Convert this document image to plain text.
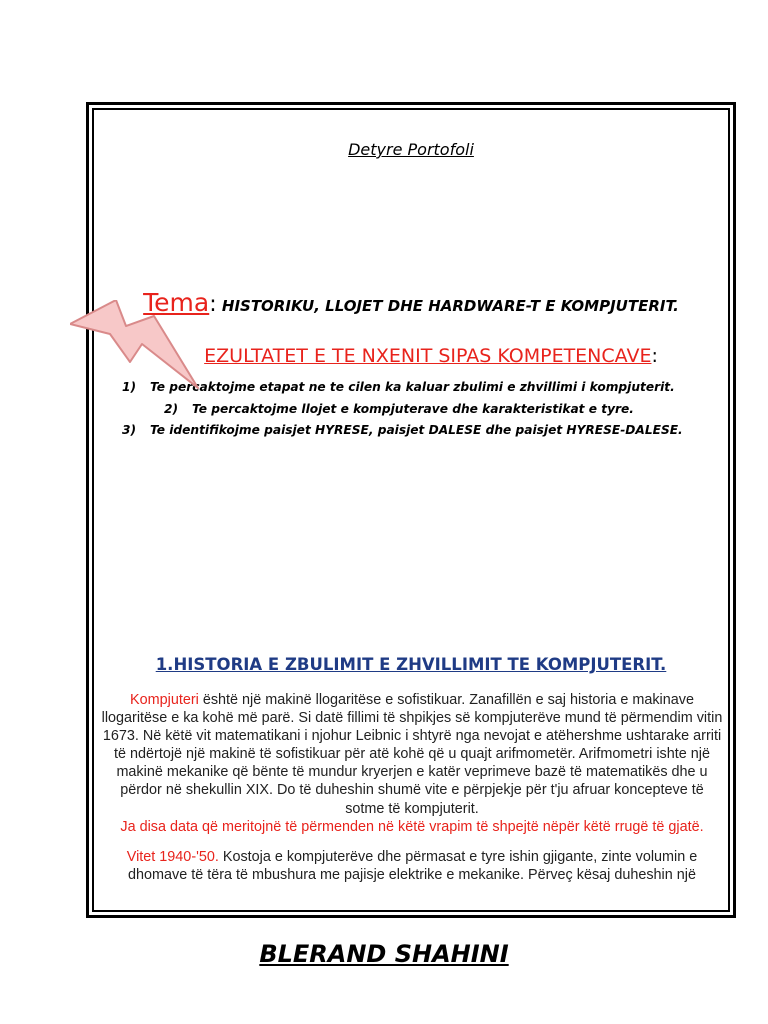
Detyre Portofoli
Tema: HISTORIKU, LLOJET DHE HARDWARE-T E KOMPJUTERIT.
EZULTATET E TE NXENIT SIPAS KOMPETENCAVE:
1) Te percaktojme etapat ne te cilen ka kaluar zbulimi e zhvillimi i kompjuterit.
2) Te percaktojme llojet e kompjuterave dhe karakteristikat e tyre.
3) Te identifikojme paisjet HYRESE, paisjet DALESE dhe paisjet HYRESE-DALESE.
1.HISTORIA E ZBULIMIT E ZHVILLIMIT TE KOMPJUTERIT.

Kompjuteri është një makinë llogaritëse e sofistikuar. Zanafillën e saj historia e makinave llogaritëse e ka kohë më parë. Si datë fillimi të shpikjes së kompjuterëve mund të përmendim vitin 1673. Në këtë vit matematikani i njohur Leibnic i shtyrë nga nevojat e atëhershme ushtarake arriti të ndërtojë një makinë të sofistikuar për atë kohë që u quajt arifmometër. Arifmometri ishte një makinë mekanike që bënte të mundur kryerjen e katër veprimeve bazë të matematikës dhe u përdor në shekullin XIX. Do të duheshin shumë vite e përpjekje për t'ju afruar koncepteve të sotme të kompjuterit.

Ja disa data që meritojnë të përmenden në këtë vrapim të shpejtë nëpër këtë rrugë të gjatë.

Vitet 1940-'50. Kostoja e kompjuterëve dhe përmasat e tyre ishin gjigante, zinte volumin e dhomave të tëra të mbushura me pajisje elektrike e mekanike. Përveç kësaj duheshin një

BLERAND SHAHINI
